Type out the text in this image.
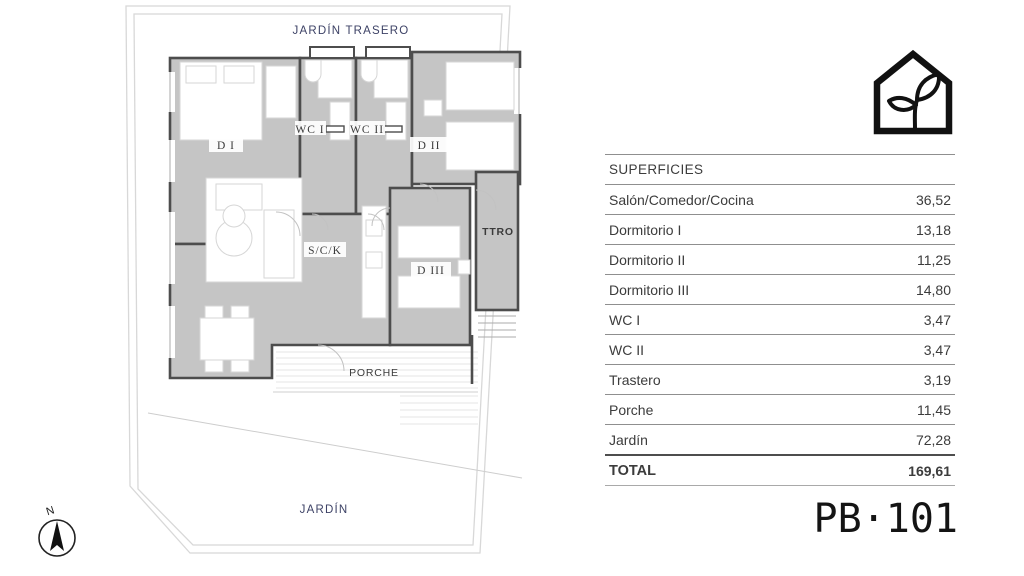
JARDÍN TRASERO
JARDÍN
D I
WC I WC II
D II
S/C/K
D III
TTRO
PORCHE
N
SUPERFICIES
Salón/Comedor/Cocina	36,52
Dormitorio I	13,18
Dormitorio II	11,25
Dormitorio III	14,80
WC I	3,47
WC II	3,47
Trastero	3,19
Porche	11,45
Jardín	72,28
TOTAL	169,61
PB·101
